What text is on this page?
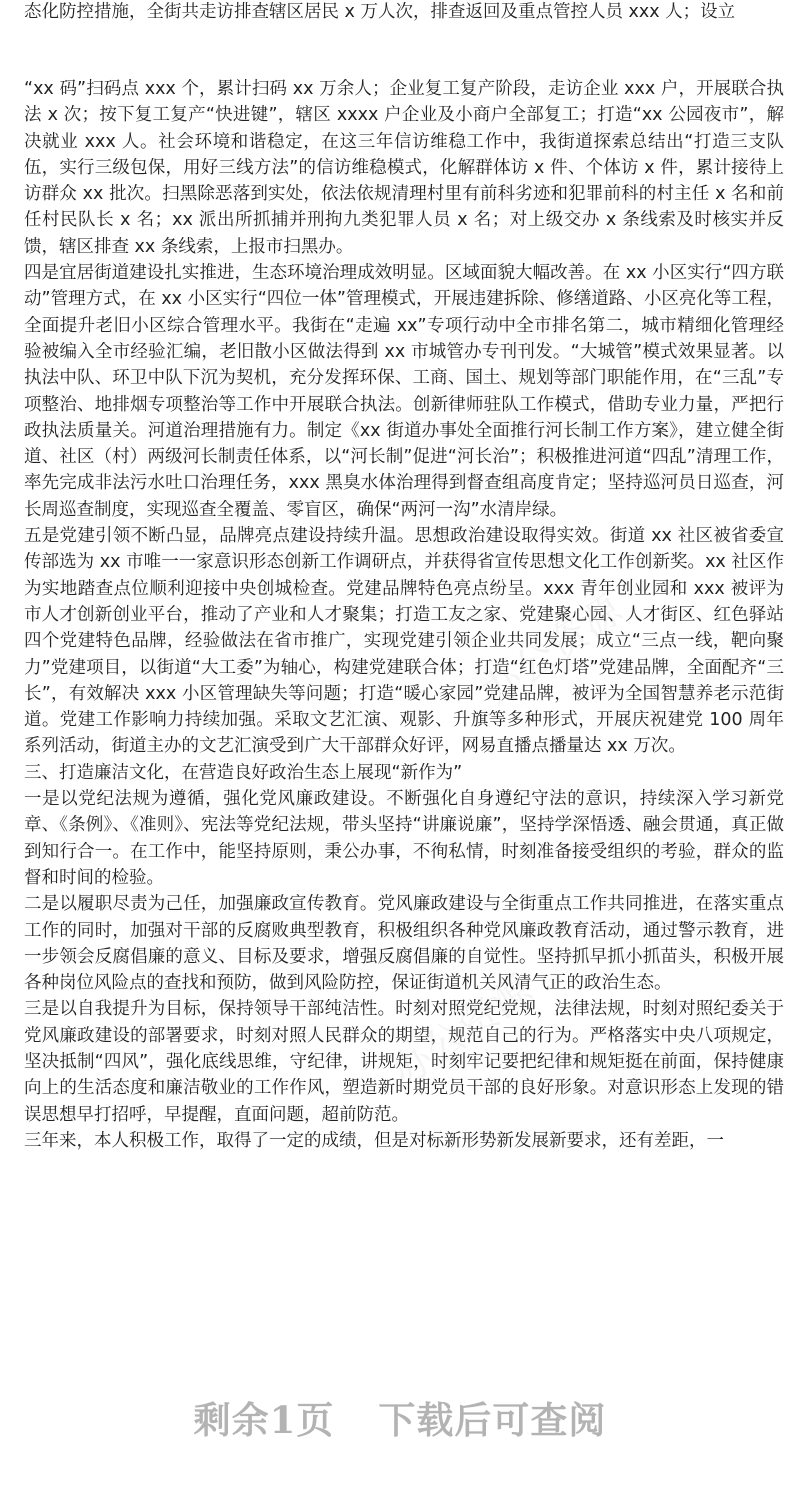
态化防控措施，全街共走访排查辖区居民 x 万人次，排查返回及重点管控人员 xxx 人；设立

“xx 码”扫码点 xxx 个，累计扫码 xx 万余人；企业复工复产阶段，走访企业 xxx 户，开展联合执法 x 次；按下复工复产“快进键”，辖区 xxxx 户企业及小商户全部复工；打造“xx 公园夜市”，解决就业 xxx 人。社会环境和谐稳定，在这三年信访维稳工作中，我街道探索总结出“打造三支队伍，实行三级包保，用好三线方法”的信访维稳模式，化解群体访 x 件、个体访 x 件，累计接待上访群众 xx 批次。扫黑除恶落到实处，依法依规清理村里有前科劣迹和犯罪前科的村主任 x 名和前任村民队长 x 名；xx 派出所抓捕并刑拘九类犯罪人员 x 名；对上级交办 x 条线索及时核实并反馈，辖区排查 xx 条线索，上报市扫黑办。

四是宜居街道建设扎实推进，生态环境治理成效明显。区域面貌大幅改善。在 xx 小区实行“四方联动”管理方式，在 xx 小区实行“四位一体”管理模式，开展违建拆除、修缮道路、小区亮化等工程，全面提升老旧小区综合管理水平。我街在“走遍 xx”专项行动中全市排名第二，城市精细化管理经验被编入全市经验汇编，老旧散小区做法得到 xx 市城管办专刊刊发。“大城管”模式效果显著。以执法中队、环卫中队下沉为契机，充分发挥环保、工商、国土、规划等部门职能作用，在“三乱”专项整治、地排烟专项整治等工作中开展联合执法。创新律师驻队工作模式，借助专业力量，严把行政执法质量关。河道治理措施有力。制定《xx 街道办事处全面推行河长制工作方案》，建立健全街道、社区（村）两级河长制责任体系，以“河长制”促进“河长治”；积极推进河道“四乱”清理工作，率先完成非法污水吐口治理任务，xxx 黑臭水体治理得到督查组高度肯定；坚持巡河员日巡查，河长周巡查制度，实现巡查全覆盖、零盲区，确保“两河一沟”水清岸绿。

五是党建引领不断凸显，品牌亮点建设持续升温。思想政治建设取得实效。街道 xx 社区被省委宣传部选为 xx 市唯一一家意识形态创新工作调研点，并获得省宣传思想文化工作创新奖。xx 社区作为实地踏查点位顺利迎接中央创城检查。党建品牌特色亮点纷呈。xxx 青年创业园和 xxx 被评为市人才创新创业平台，推动了产业和人才聚集；打造工友之家、党建聚心园、人才街区、红色驿站四个党建特色品牌，经验做法在省市推广，实现党建引领企业共同发展；成立“三点一线，靶向聚力”党建项目，以街道“大工委”为轴心，构建党建联合体；打造“红色灯塔”党建品牌，全面配齐“三长”，有效解决 xxx 小区管理缺失等问题；打造“暖心家园”党建品牌，被评为全国智慧养老示范街道。党建工作影响力持续加强。采取文艺汇演、观影、升旗等多种形式，开展庆祝建党 100 周年系列活动，街道主办的文艺汇演受到广大干部群众好评，网易直播点播量达 xx 万次。

三、打造廉洁文化，在营造良好政治生态上展现“新作为”

一是以党纪法规为遵循，强化党风廉政建设。不断强化自身遵纪守法的意识，持续深入学习新党章、《条例》、《准则》、宪法等党纪法规，带头坚持“讲廉说廉”，坚持学深悟透、融会贯通，真正做到知行合一。在工作中，能坚持原则，秉公办事，不徇私情，时刻准备接受组织的考验，群众的监督和时间的检验。

二是以履职尽责为己任，加强廉政宣传教育。党风廉政建设与全街重点工作共同推进，在落实重点工作的同时，加强对干部的反腐败典型教育，积极组织各种党风廉政教育活动，通过警示教育，进一步领会反腐倡廉的意义、目标及要求，增强反腐倡廉的自觉性。坚持抓早抓小抓苗头，积极开展各种岗位风险点的查找和预防，做到风险防控，保证街道机关风清气正的政治生态。

三是以自我提升为目标，保持领导干部纯洁性。时刻对照党纪党规，法律法规，时刻对照纪委关于党风廉政建设的部署要求，时刻对照人民群众的期望，规范自己的行为。严格落实中央八项规定，坚决抵制“四风”，强化底线思维，守纪律，讲规矩，时刻牢记要把纪律和规矩挺在前面，保持健康向上的生活态度和廉洁敬业的工作作风，塑造新时期党员干部的良好形象。对意识形态上发现的错误思想早打招呼，早提醒，直面问题，超前防范。

三年来，本人积极工作，取得了一定的成绩，但是对标新形势新发展新要求，还有差距，一

办公资源
办公资源
剩余1页 下载后可查阅
